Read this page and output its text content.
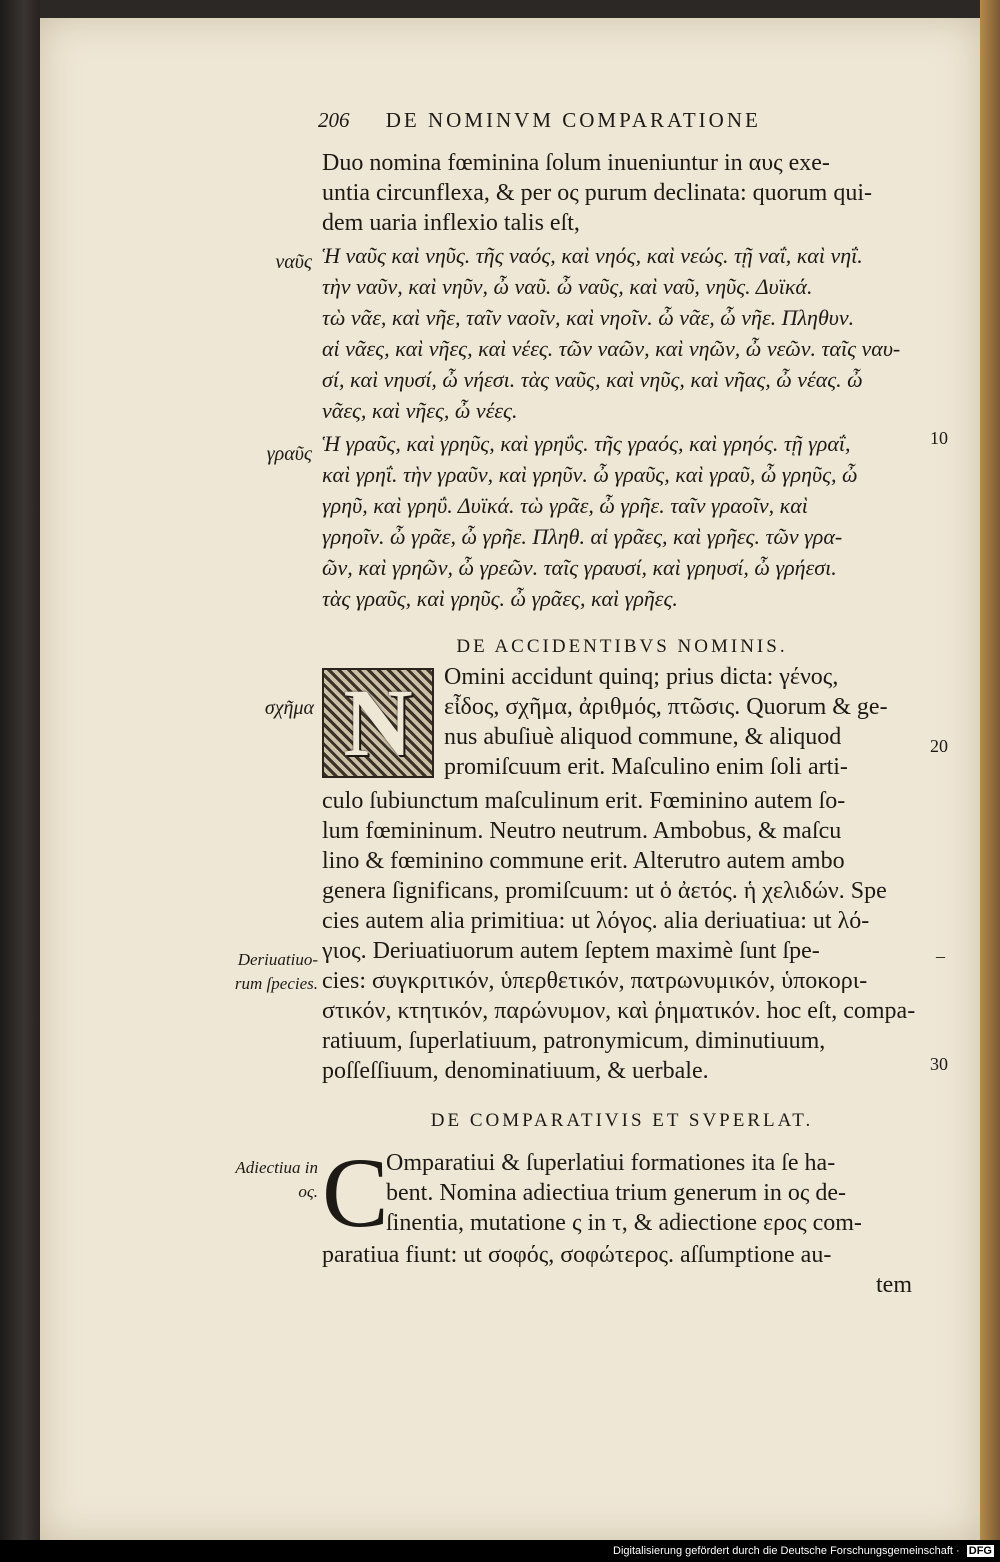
206 DE NOMINVM COMPARATIONE
Duo nomina fœminina ſolum inueniuntur in αυς exe-
untia circunflexa, & per ος purum declinata: quorum qui-
dem uaria inflexio talis eſt,
ναῦς Ἡ ναῦς καὶ νηῦς. τῆς ναός, καὶ νηός, καὶ νεώς. τῇ ναΐ, καὶ νηΐ.
τὴν ναῦν, καὶ νηῦν, ὦ ναῦ. ὦ ναῦς, καὶ ναῦ, νηῦς. Δυϊκά.
τὼ νᾶε, καὶ νῆε, ταῖν ναοῖν, καὶ νηοῖν. ὦ νᾶε, ὦ νῆε. Πληθυν.
αἱ νᾶες, καὶ νῆες, καὶ νέες. τῶν ναῶν, καὶ νηῶν, ὦ νεῶν. ταῖς ναυ-
σί, καὶ νηυσί, ὦ νήεσι. τὰς ναῦς, καὶ νηῦς, καὶ νῆας, ὦ νέας. ὦ
νᾶες, καὶ νῆες, ὦ νέες.
γραῦς Ἡ γραῦς, καὶ γρηῦς, καὶ γρηΰς. τῆς γραός, καὶ γρηός. τῇ γραΐ,
καὶ γρηΐ. τὴν γραῦν, καὶ γρηῦν. ὦ γραῦς, καὶ γραῦ, ὦ γρηῦς, ὦ
γρηῦ, καὶ γρηΰ. Δυϊκά. τὼ γρᾶε, ὦ γρῆε. ταῖν γραοῖν, καὶ
γρηοῖν. ὦ γρᾶε, ὦ γρῆε. Πληθ. αἱ γρᾶες, καὶ γρῆες. τῶν γρα-
ῶν, καὶ γρηῶν, ὦ γρεῶν. ταῖς γραυσί, καὶ γρηυσί, ὦ γρήεσι.
τὰς γραῦς, καὶ γρηῦς. ὦ γρᾶες, καὶ γρῆες.
DE ACCIDENTIBVS NOMINIS.
σχῆμα N Omini accidunt quinq; prius dicta: γένος,
εἶδος, σχῆμα, ἀριθμός, πτῶσις. Quorum & ge-
nus abuſiuè aliquod commune, & aliquod
promiſcuum erit. Maſculino enim ſoli arti-
culo ſubiunctum maſculinum erit. Fœminino autem ſo-
lum fœmininum. Neutro neutrum. Ambobus, & maſcu
lino & fœminino commune erit. Alterutro autem ambo
genera ſignificans, promiſcuum: ut ὁ ἀετός. ἡ χελιδών. Spe
cies autem alia primitiua: ut λόγος. alia deriuatiua: ut λό-
γιος. Deriuatiuorum autem ſeptem maximè ſunt ſpe-
cies: συγκριτικόν, ὑπερθετικόν, πατρωνυμικόν, ὑποκορι-
στικόν, κτητικόν, παρώνυμον, καὶ ῥηματικόν. hoc eſt, compa-
ratiuum, ſuperlatiuum, patronymicum, diminutiuum,
poſſeſſiuum, denominatiuum, & uerbale.
Deriuatiuo-
rum ſpecies.
DE COMPARATIVIS ET SVPERLAT.
Adiectiua in
ος. C
Omparatiui & ſuperlatiui formationes ita ſe ha-
bent. Nomina adiectiua trium generum in ος de-
ſinentia, mutatione ς in τ, & adiectione ερος com-
paratiua fiunt: ut σοφός, σοφώτερος. aſſumptione au-
tem
10
20
–
30
Digitalisierung gefördert durch die Deutsche Forschungsgemeinschaft · DFG
